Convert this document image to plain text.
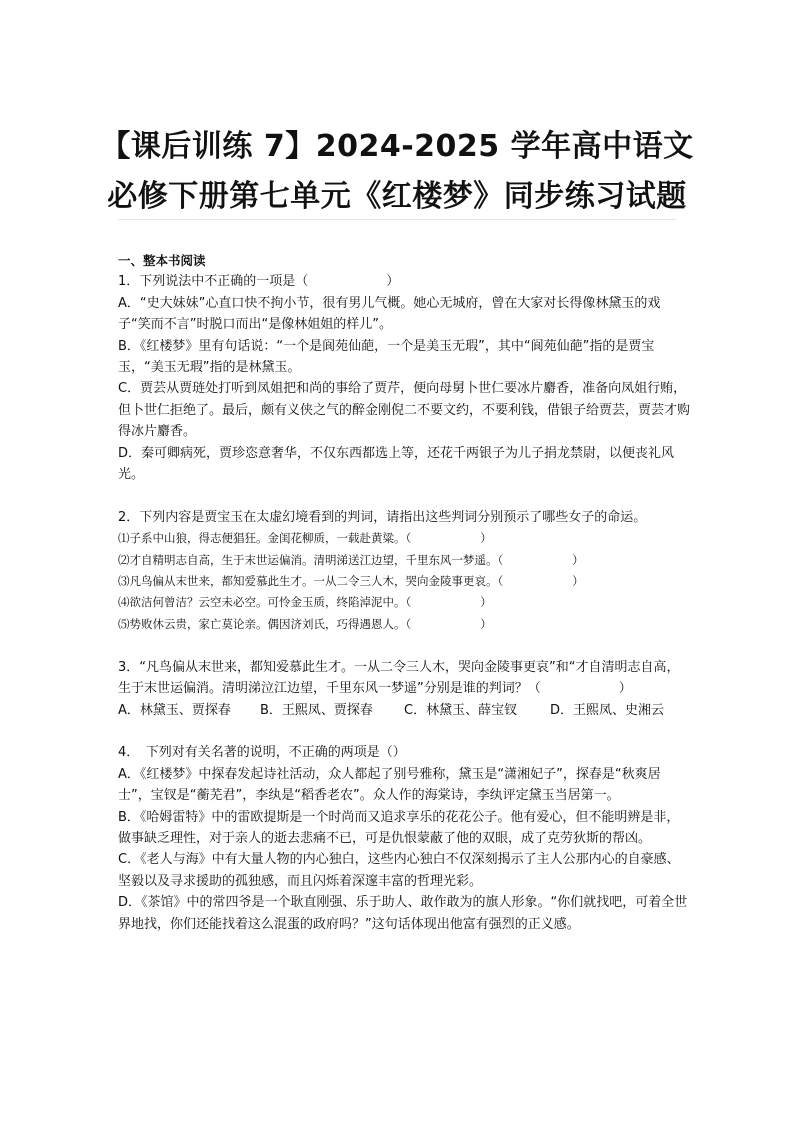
【课后训练 7】2024-2025 学年高中语文
必修下册第七单元《红楼梦》同步练习试题

一、整本书阅读

1．下列说法中不正确的一项是（　　　　　　）

A．“史大妹妹”心直口快不拘小节，很有男儿气概。她心无城府，曾在大家对长得像林黛玉的戏子“笑而不言”时脱口而出“是像林姐姐的样儿”。

B．《红楼梦》里有句话说：“一个是阆苑仙葩，一个是美玉无瑕”，其中“阆苑仙葩”指的是贾宝玉，“美玉无瑕”指的是林黛玉。

C．贾芸从贾琏处打听到凤姐把和尚的事给了贾芹，便向母舅卜世仁要冰片麝香，准备向凤姐行贿，但卜世仁拒绝了。最后，颇有义侠之气的醉金刚倪二不要文约，不要利钱，借银子给贾芸，贾芸才购得冰片麝香。

D．秦可卿病死，贾珍恣意奢华，不仅东西都选上等，还花千两银子为儿子捐龙禁尉，以便丧礼风光。

2．下列内容是贾宝玉在太虚幻境看到的判词，请指出这些判词分别预示了哪些女子的命运。

⑴子系中山狼，得志便猖狂。金闺花柳质，一载赴黄粱。（　　　　　　）

⑵才自精明志自高，生于末世运偏消。清明涕送江边望，千里东风一梦遥。（　　　　　　）

⑶凡鸟偏从末世来，都知爱慕此生才。一从二令三人木，哭向金陵事更哀。（　　　　　　）

⑷欲洁何曾洁？云空未必空。可怜金玉质，终陷淖泥中。（　　　　　　）

⑸势败休云贵，家亡莫论亲。偶因济刘氏，巧得遇恩人。（　　　　　　）

3．“凡鸟偏从末世来，都知爱慕此生才。一从二令三人木，哭向金陵事更哀”和“才自清明志自高，生于末世运偏消。清明涕泣江边望，千里东风一梦遥”分别是谁的判词？（　　　　　　）

A．林黛玉、贾探春	B．王熙凤、贾探春	C．林黛玉、薛宝钗	D．王熙凤、史湘云

4．　下列对有关名著的说明，不正确的两项是（）

A．《红楼梦》中探春发起诗社活动，众人都起了别号雅称，黛玉是“潇湘妃子”，探春是“秋爽居士”，宝钗是“蘅芜君”，李纨是“稻香老农”。众人作的海棠诗，李纨评定黛玉当居第一。

B．《哈姆雷特》中的雷欧提斯是一个时尚而又追求享乐的花花公子。他有爱心，但不能明辨是非，做事缺乏理性，对于亲人的逝去悲痛不已，可是仇恨蒙蔽了他的双眼，成了克劳狄斯的帮凶。

C．《老人与海》中有大量人物的内心独白，这些内心独白不仅深刻揭示了主人公那内心的自豪感、坚毅以及寻求援助的孤独感，而且闪烁着深邃丰富的哲理光彩。

D．《茶馆》中的常四爷是一个耿直刚强、乐于助人、敢作敢为的旗人形象。“你们就找吧，可着全世界地找，你们还能找着这么混蛋的政府吗？”这句话体现出他富有强烈的正义感。
